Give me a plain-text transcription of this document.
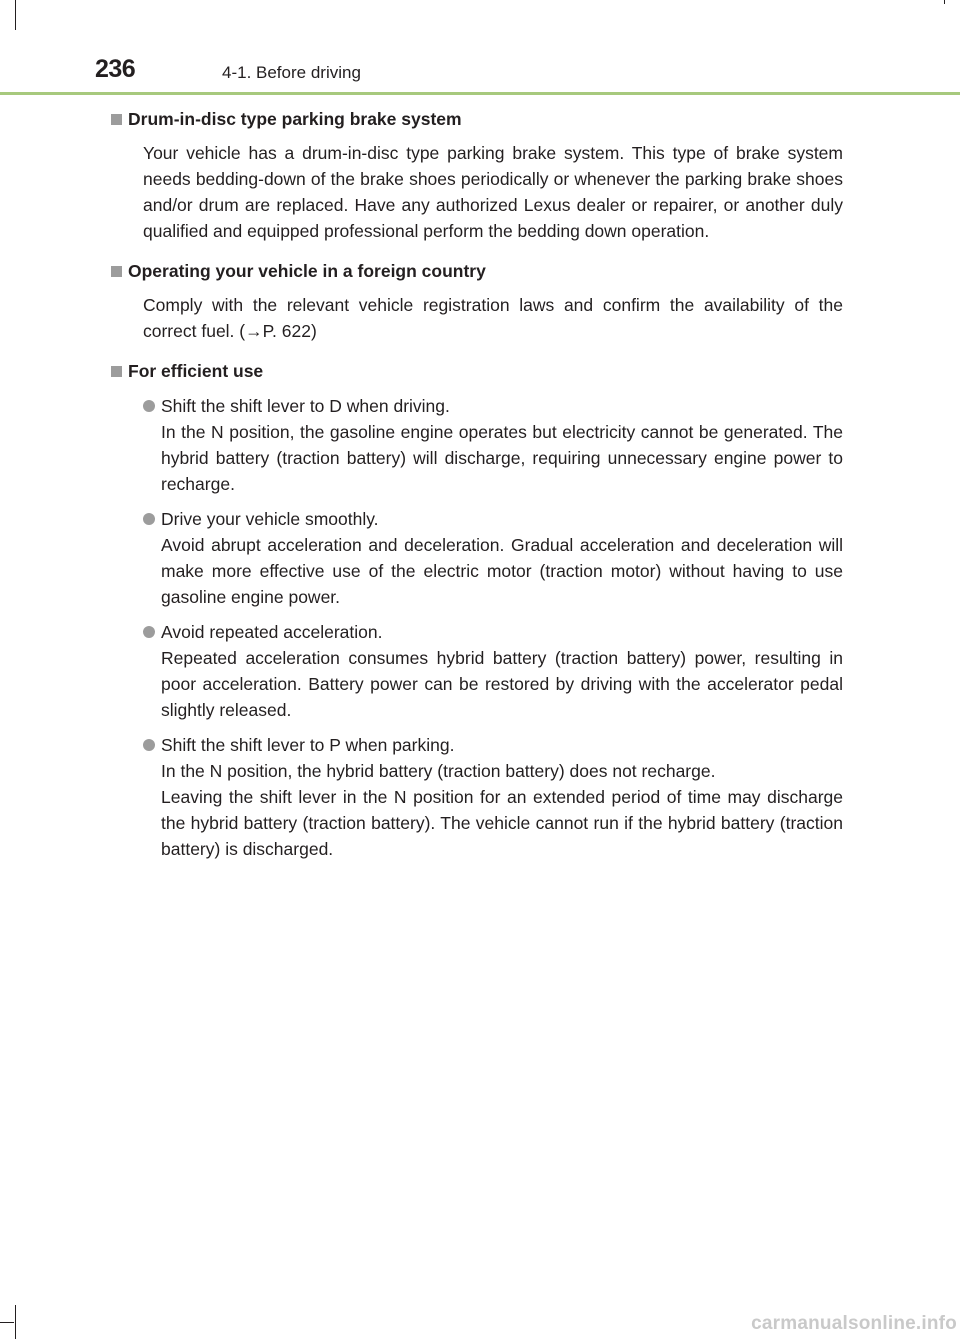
236	4-1. Before driving
Drum-in-disc type parking brake system
Your vehicle has a drum-in-disc type parking brake system. This type of brake system needs bedding-down of the brake shoes periodically or whenever the parking brake shoes and/or drum are replaced. Have any authorized Lexus dealer or repairer, or another duly qualified and equipped professional perform the bedding down operation.
Operating your vehicle in a foreign country
Comply with the relevant vehicle registration laws and confirm the availability of the correct fuel. (→P. 622)
For efficient use
Shift the shift lever to D when driving.
In the N position, the gasoline engine operates but electricity cannot be generated. The hybrid battery (traction battery) will discharge, requiring unnecessary engine power to recharge.
Drive your vehicle smoothly.
Avoid abrupt acceleration and deceleration. Gradual acceleration and deceleration will make more effective use of the electric motor (traction motor) without having to use gasoline engine power.
Avoid repeated acceleration.
Repeated acceleration consumes hybrid battery (traction battery) power, resulting in poor acceleration. Battery power can be restored by driving with the accelerator pedal slightly released.
Shift the shift lever to P when parking.
In the N position, the hybrid battery (traction battery) does not recharge.
Leaving the shift lever in the N position for an extended period of time may discharge the hybrid battery (traction battery). The vehicle cannot run if the hybrid battery (traction battery) is discharged.
carmanualsonline.info
